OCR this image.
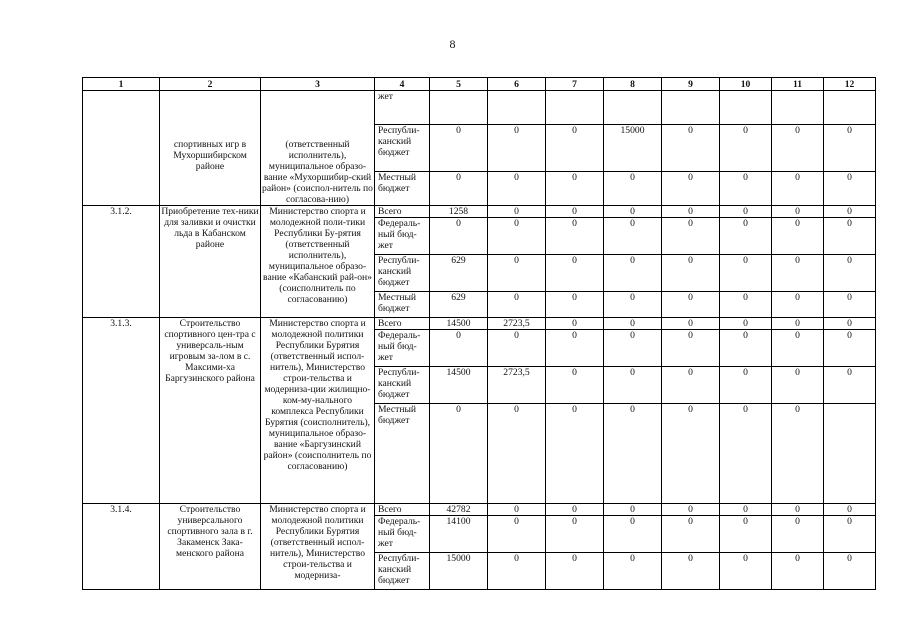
8
1	2	3	4	5	6	7	8	9	10	11	12
	спортивных игр в Мухоршибирском районе	(ответственный исполнитель), муниципальное образо-вание «Мухоршибир-ский район» (соиспол-нитель по согласова-нию)	жет								
			Республи-канский бюджет	0	0	0	15000	0	0	0	0
			Местный бюджет	0	0	0	0	0	0	0	0
3.1.2.	Приобретение тех-ники для заливки и очистки льда в Кабанском районе	Министерство спорта и молодежной поли-тики Республики Бу-рятия (ответственный исполнитель), муниципальное образо-вание «Кабанский рай-он» (соисполнитель по согласованию)	Всего	1258	0	0	0	0	0	0	0
			Федераль-ный бюд-жет	0	0	0	0	0	0	0	0
			Республи-канский бюджет	629	0	0	0	0	0	0	0
			Местный бюджет	629	0	0	0	0	0	0	0
3.1.3.	Строительство спортивного цен-тра с универсаль-ным игровым за-лом в с. Максими-ха Баргузинского района	Министерство спорта и молодежной политики Республики Бурятия (ответственный испол-нитель), Министерство строи-тельства и модерниза-ции жилищно-ком-му-нального комплекса Республики Бурятия (соисполнитель), муниципальное образо-вание «Баргузинский район» (соисполнитель по согласованию)	Всего	14500	2723,5	0	0	0	0	0	0
			Федераль-ный бюд-жет	0	0	0	0	0	0	0	0
			Республи-канский бюджет	14500	2723,5	0	0	0	0	0	0
			Местный бюджет	0	0	0	0	0	0	0	
3.1.4.	Строительство универсального спортивного зала в г. Закаменск Зака-менского района	Министерство спорта и молодежной политики Республики Бурятия (ответственный испол-нитель), Министерство строи-тельства и модерниза-	Всего	42782	0	0	0	0	0	0	0
			Федераль-ный бюд-жет	14100	0	0	0	0	0	0	0
			Республи-канский бюджет	15000	0	0	0	0	0	0	0
